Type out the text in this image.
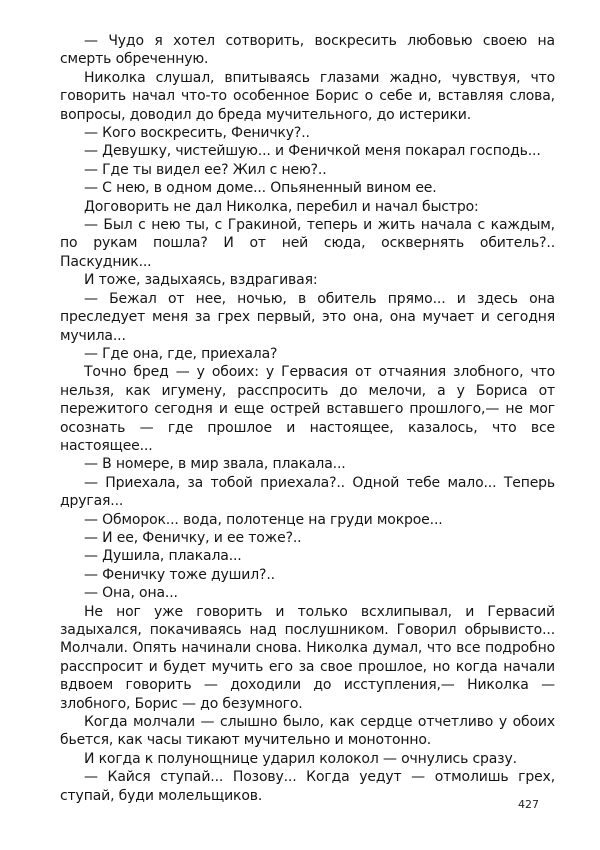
— Чудо я хотел сотворить, воскресить любовью своею на смерть обреченную.

Николка слушал, впитываясь глазами жадно, чувствуя, что говорить начал что-то особенное Борис о себе и, вставляя слова, вопросы, доводил до бреда мучительного, до истерики.

— Кого воскресить, Феничку?..

— Девушку, чистейшую... и Феничкой меня покарал господь...

— Где ты видел ее? Жил с нею?..

— С нею, в одном доме... Опьяненный вином ее.

Договорить не дал Николка, перебил и начал быстро:

— Был с нею ты, с Гракиной, теперь и жить начала с каждым, по рукам пошла? И от ней сюда, осквернять обитель?.. Паскудник...

И тоже, задыхаясь, вздрагивая:

— Бежал от нее, ночью, в обитель прямо... и здесь она преследует меня за грех первый, это она, она мучает и сегодня мучила...

— Где она, где, приехала?

Точно бред — у обоих: у Гервасия от отчаяния злобного, что нельзя, как игумену, расспросить до мелочи, а у Бориса от пережитого сегодня и еще острей вставшего прошлого,— не мог осознать — где прошлое и настоящее, казалось, что все настоящее...

— В номере, в мир звала, плакала...

— Приехала, за тобой приехала?.. Одной тебе мало... Теперь другая...

— Обморок... вода, полотенце на груди мокрое...

— И ее, Феничку, и ее тоже?..

— Душила, плакала...

— Феничку тоже душил?..

— Она, она...

Не ног уже говорить и только всхлипывал, и Гервасий задыхался, покачиваясь над послушником. Говорил обрывисто... Молчали. Опять начинали снова. Николка думал, что все подробно расспросит и будет мучить его за свое прошлое, но когда начали вдвоем говорить — доходили до исступления,— Николка — злобного, Борис — до безумного.

Когда молчали — слышно было, как сердце отчетливо у обоих бьется, как часы тикают мучительно и монотонно.

И когда к полунощнице ударил колокол — очнулись сразу.

— Кайся ступай... Позову... Когда уедут — отмолишь грех, ступай, буди молельщиков.

427
